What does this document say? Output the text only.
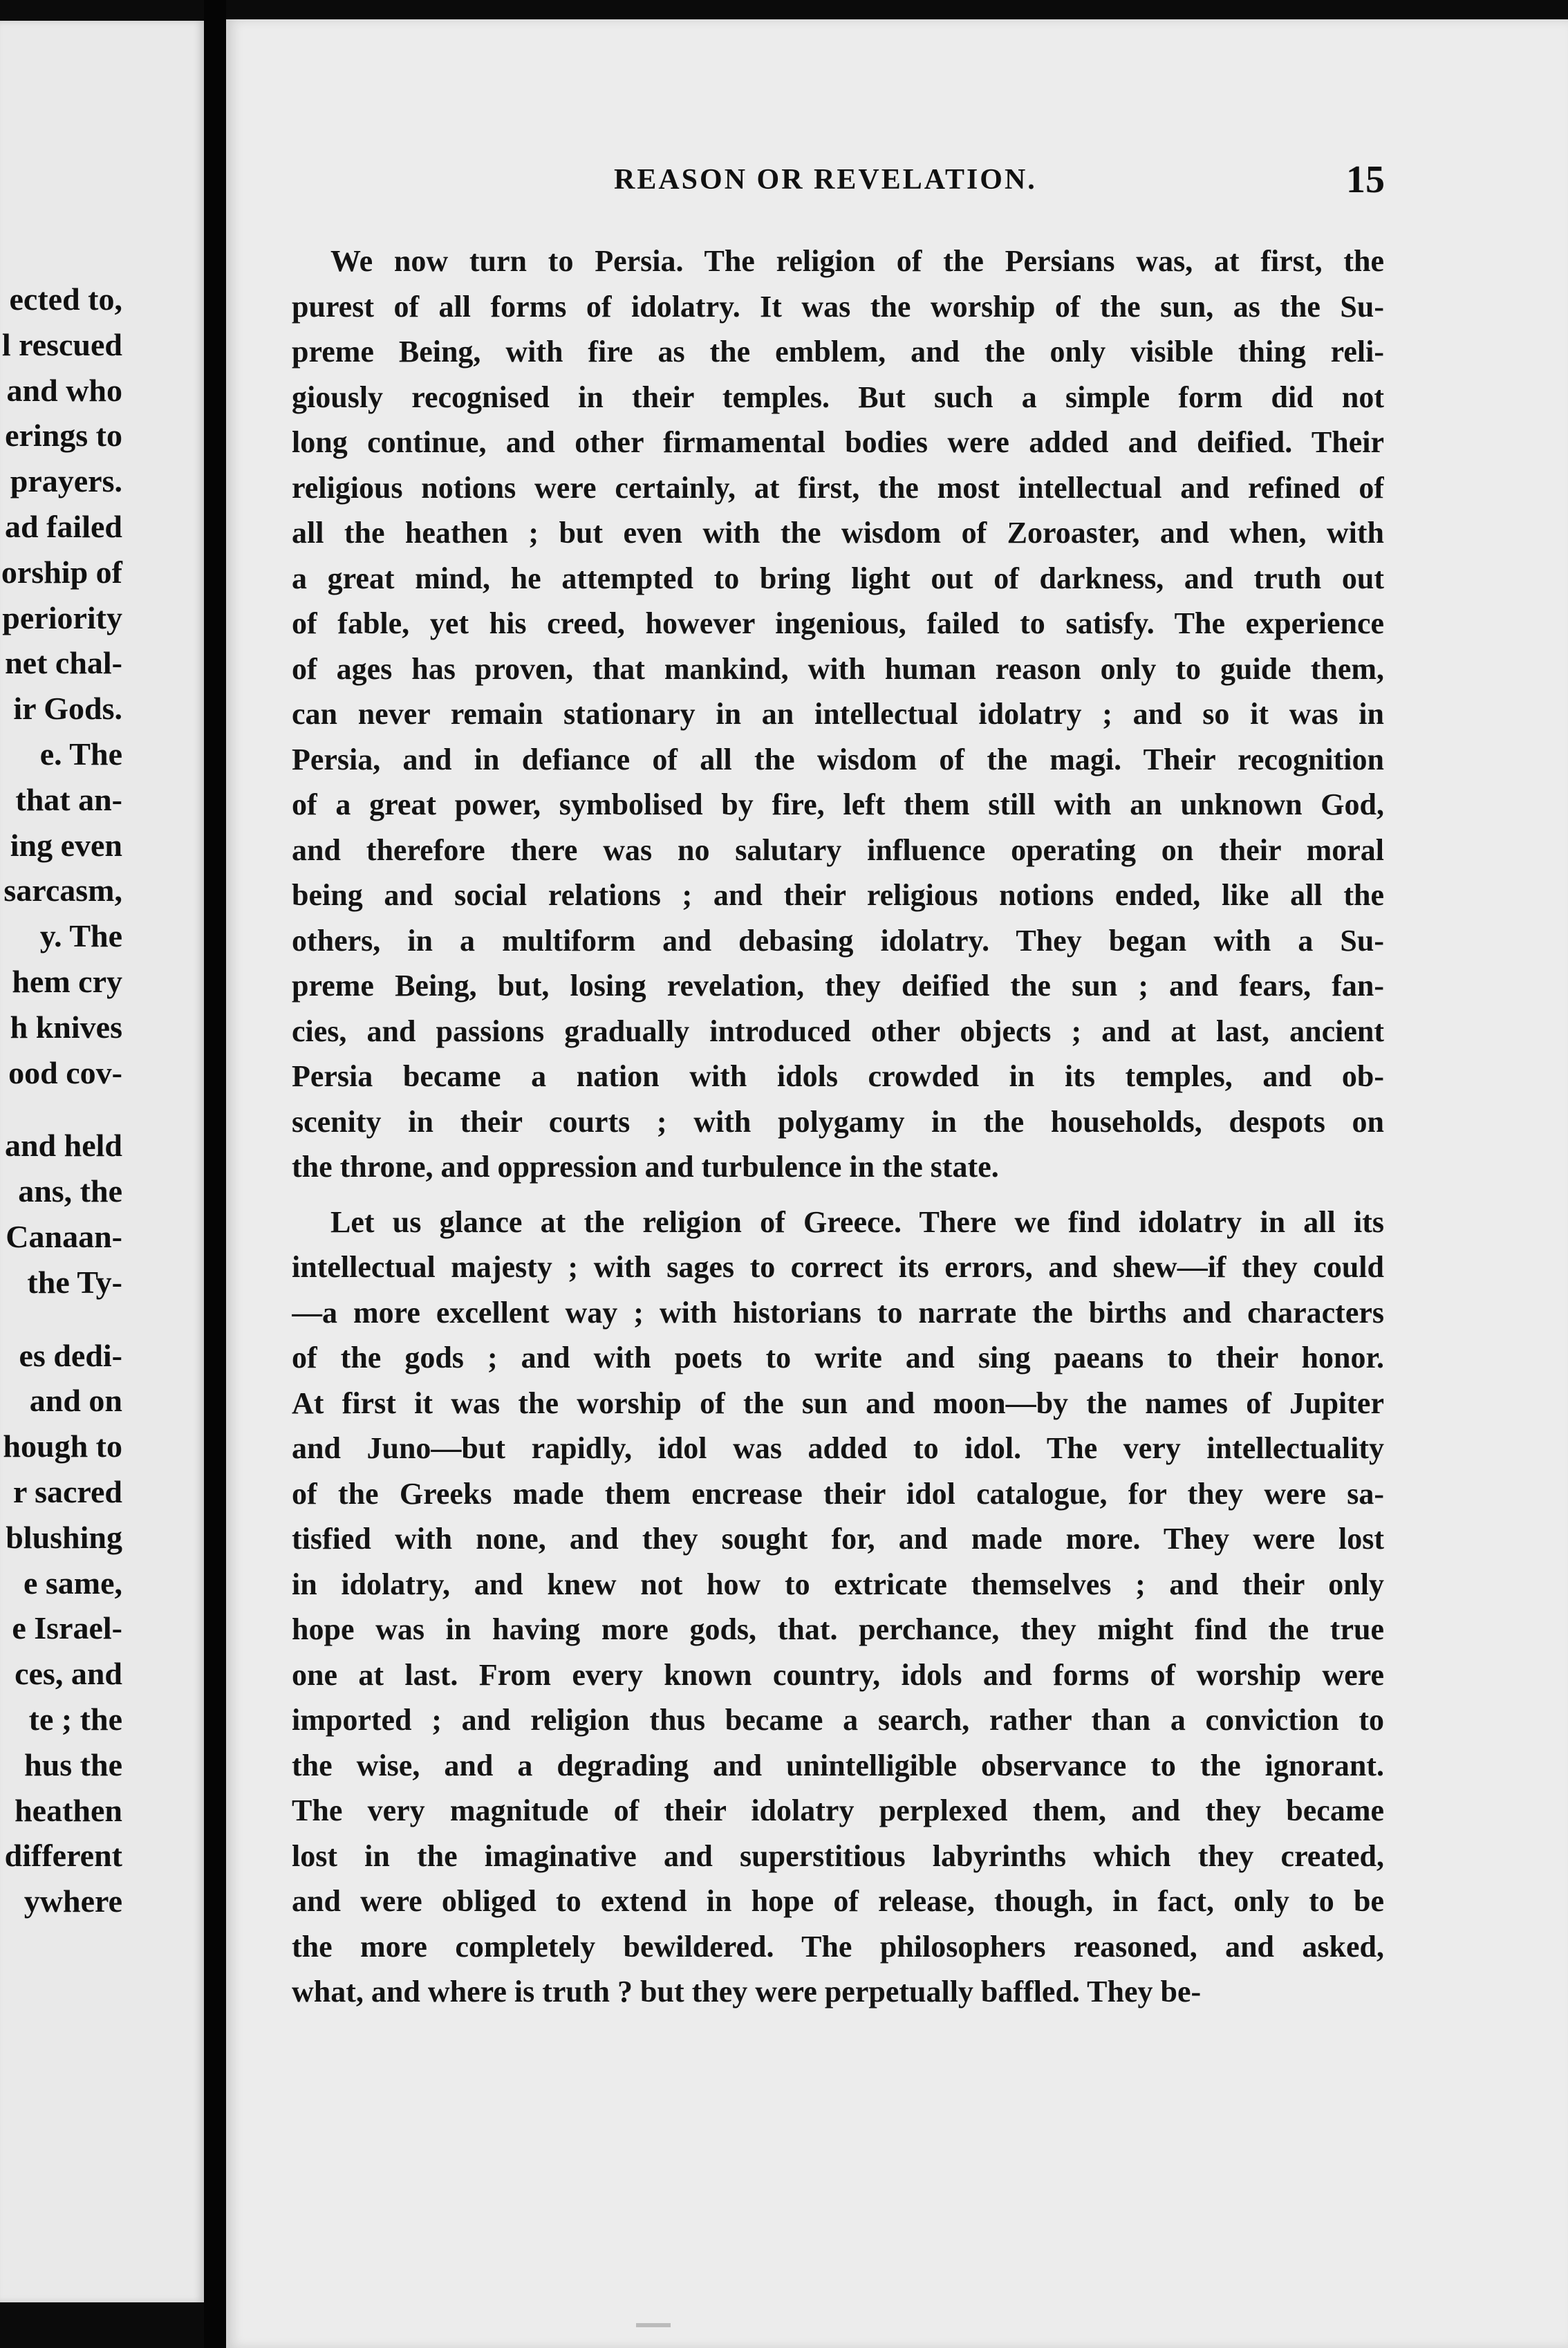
ected to,
l rescued
and who
erings to
prayers.
ad failed
orship of
periority
net chal-
ir Gods.
e. The
that an-
ing even
sarcasm,
y. The
hem cry
h knives
ood cov-
and held
ans, the
Canaan-
the Ty-
es dedi-
and on
hough to
r sacred
blushing
e same,
e Israel-
ces, and
te ; the
hus the
heathen
different
ywhere
REASON OR REVELATION.	15
We now turn to Persia. The religion of the Persians was, at first, the
purest of all forms of idolatry. It was the worship of the sun, as the Su-
preme Being, with fire as the emblem, and the only visible thing reli-
giously recognised in their temples. But such a simple form did not
long continue, and other firmamental bodies were added and deified. Their
religious notions were certainly, at first, the most intellectual and refined of
all the heathen ; but even with the wisdom of Zoroaster, and when, with
a great mind, he attempted to bring light out of darkness, and truth out
of fable, yet his creed, however ingenious, failed to satisfy. The experience
of ages has proven, that mankind, with human reason only to guide them,
can never remain stationary in an intellectual idolatry ; and so it was in
Persia, and in defiance of all the wisdom of the magi. Their recognition
of a great power, symbolised by fire, left them still with an unknown God,
and therefore there was no salutary influence operating on their moral
being and social relations ; and their religious notions ended, like all the
others, in a multiform and debasing idolatry. They began with a Su-
preme Being, but, losing revelation, they deified the sun ; and fears, fan-
cies, and passions gradually introduced other objects ; and at last, ancient
Persia became a nation with idols crowded in its temples, and ob-
scenity in their courts ; with polygamy in the households, despots on
the throne, and oppression and turbulence in the state.
Let us glance at the religion of Greece. There we find idolatry in all its
intellectual majesty ; with sages to correct its errors, and shew—if they could
—a more excellent way ; with historians to narrate the births and characters
of the gods ; and with poets to write and sing paeans to their honor.
At first it was the worship of the sun and moon—by the names of Jupiter
and Juno—but rapidly, idol was added to idol. The very intellectuality
of the Greeks made them encrease their idol catalogue, for they were sa-
tisfied with none, and they sought for, and made more. They were lost
in idolatry, and knew not how to extricate themselves ; and their only
hope was in having more gods, that. perchance, they might find the true
one at last. From every known country, idols and forms of worship were
imported ; and religion thus became a search, rather than a conviction to
the wise, and a degrading and unintelligible observance to the ignorant.
The very magnitude of their idolatry perplexed them, and they became
lost in the imaginative and superstitious labyrinths which they created,
and were obliged to extend in hope of release, though, in fact, only to be
the more completely bewildered. The philosophers reasoned, and asked,
what, and where is truth ? but they were perpetually baffled. They be-
